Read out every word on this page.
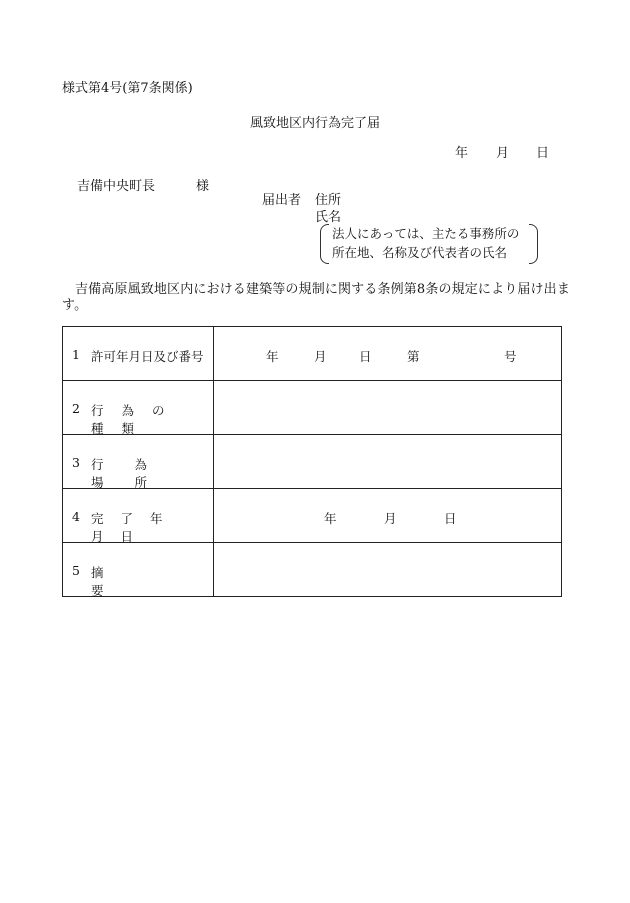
様式第4号(第7条関係)
風致地区内行為完了届
年 月 日
吉備中央町長	様
届出者 住所
氏名
法人にあっては、主たる事務所の
所在地、名称及び代表者の氏名
吉備高原風致地区内における建築等の規制に関する条例第8条の規定により届け出ます。
1 許可年月日及び番号	年 月 日 第 号

2 行為の種類	

3 行為場所	

4 完了年月日	年 月 日

5 摘要	
